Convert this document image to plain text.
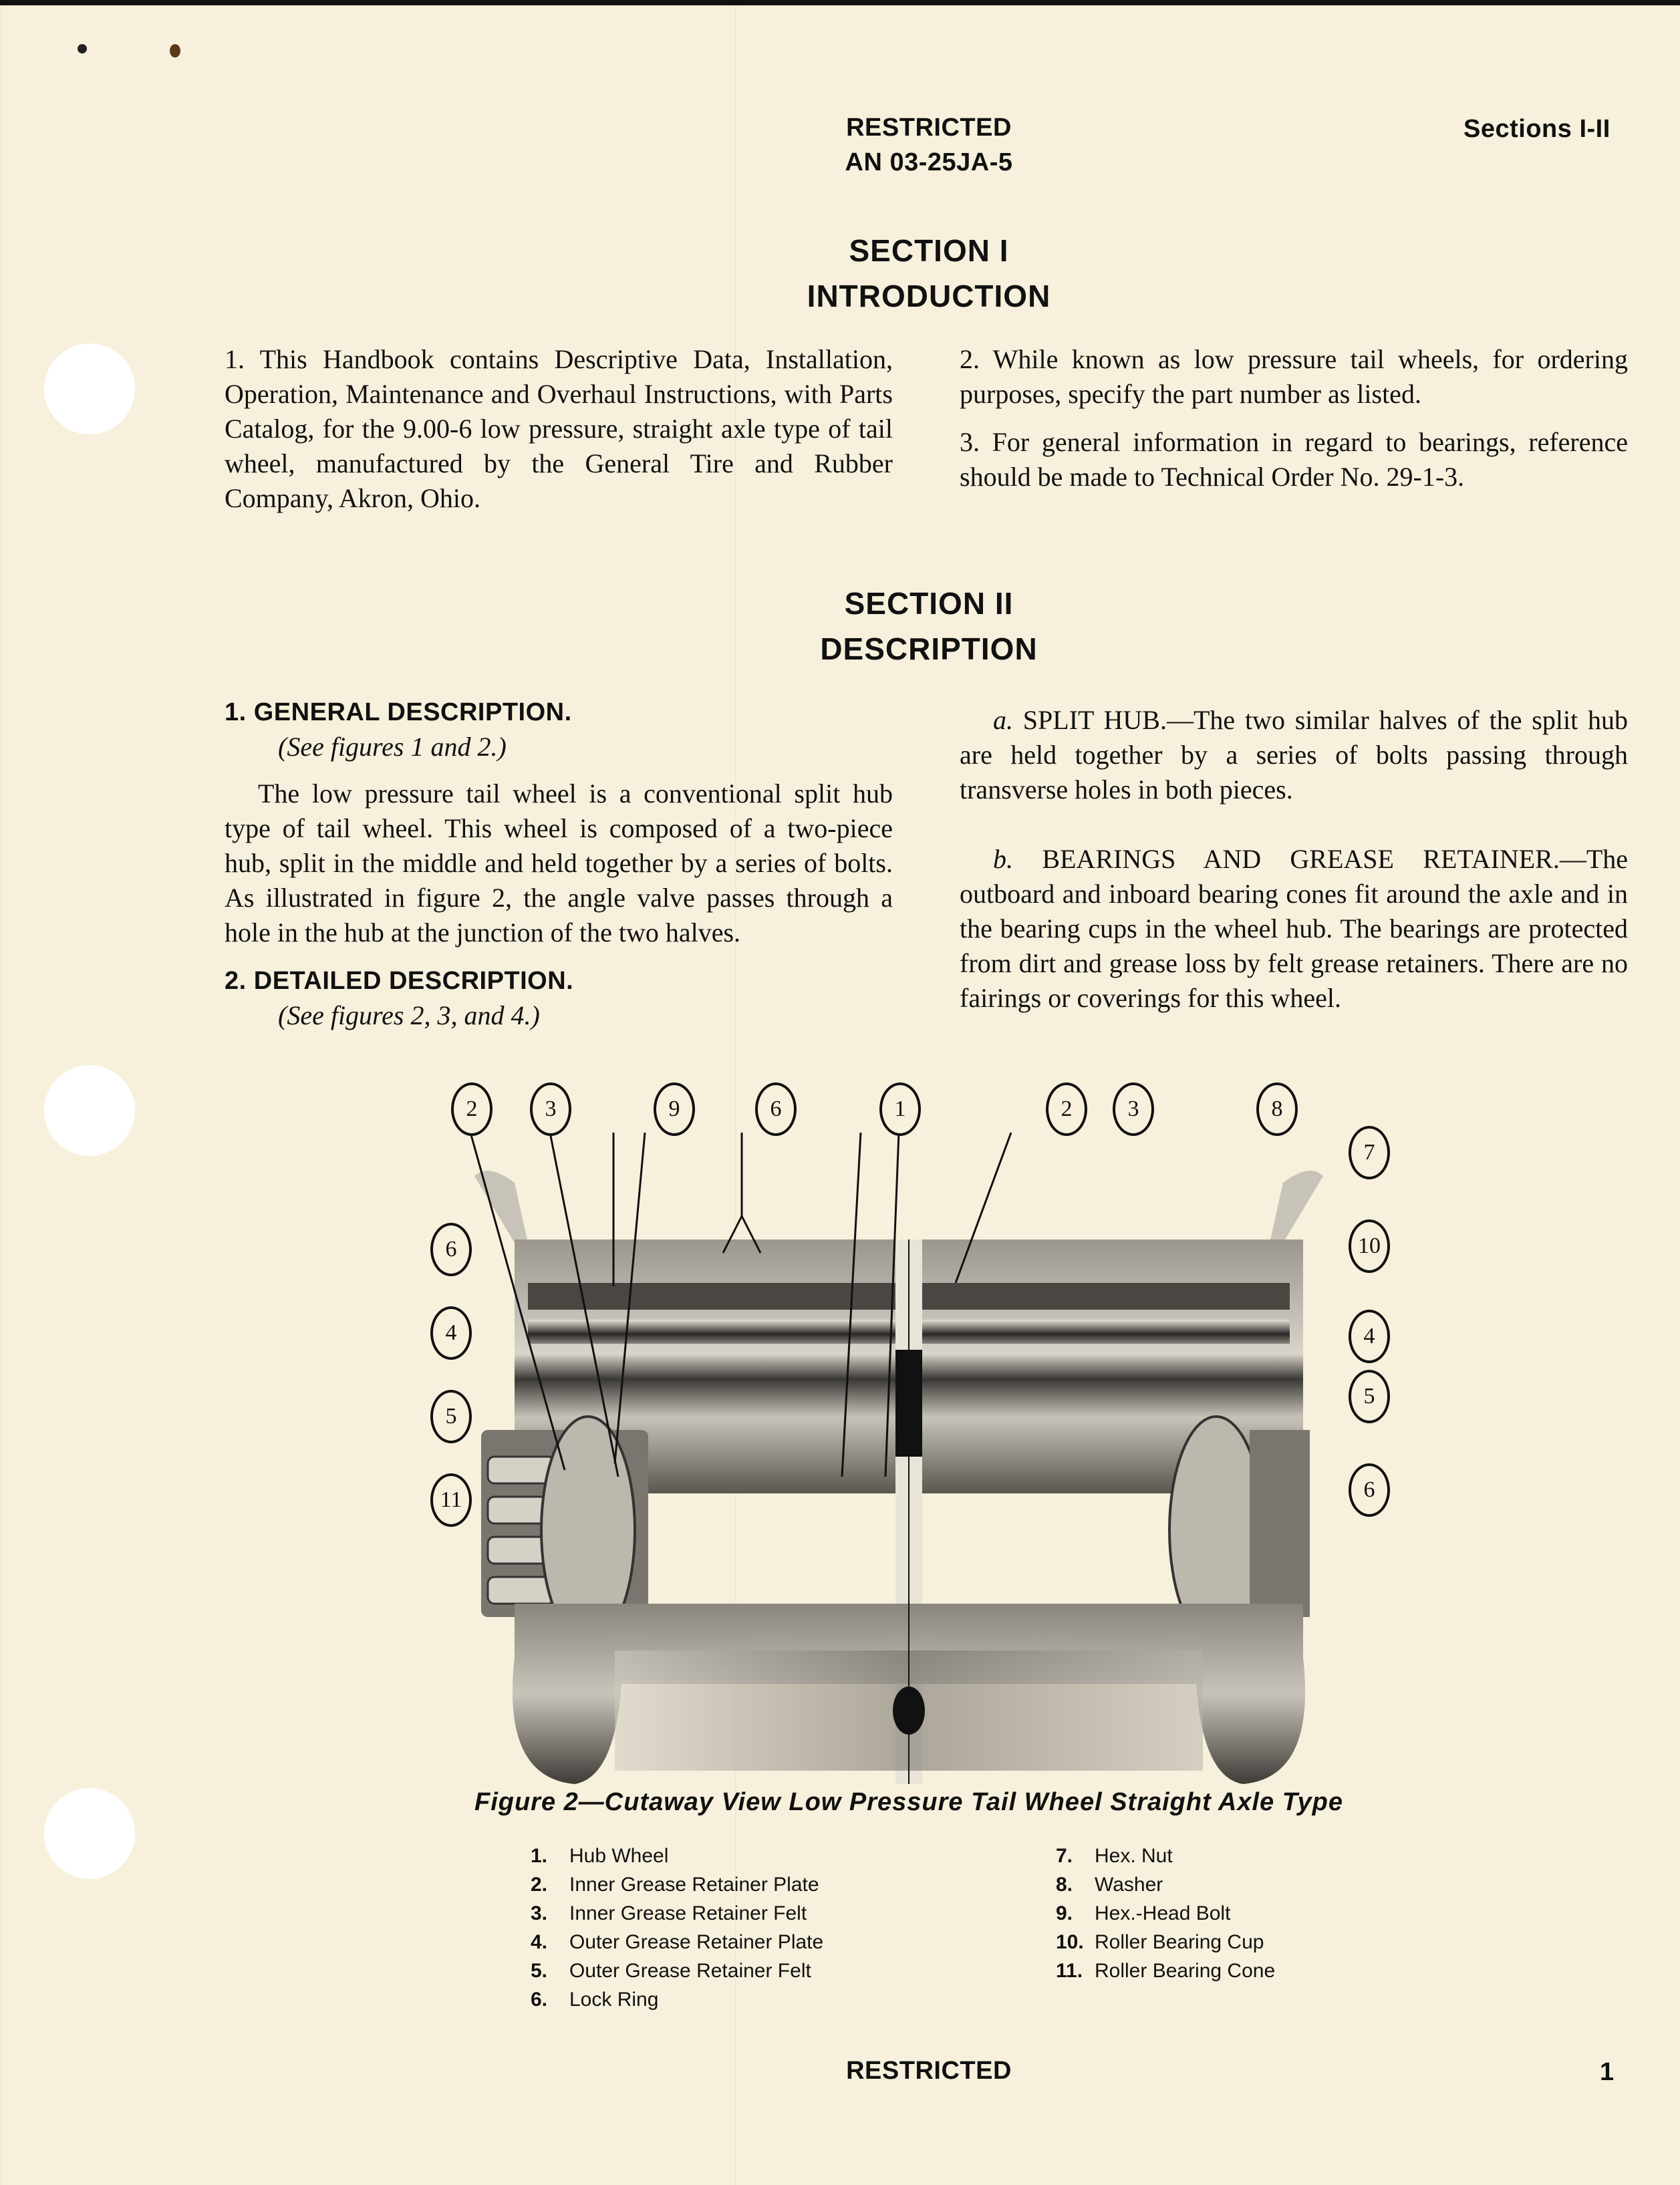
RESTRICTED
AN 03-25JA-5
Sections I-II
SECTION I
INTRODUCTION

1. This Handbook contains Descriptive Data, Installation, Operation, Maintenance and Overhaul Instructions, with Parts Catalog, for the 9.00-6 low pressure, straight axle type of tail wheel, manufactured by the General Tire and Rubber Company, Akron, Ohio.

2. While known as low pressure tail wheels, for ordering purposes, specify the part number as listed.

3. For general information in regard to bearings, reference should be made to Technical Order No. 29-1-3.

SECTION II
DESCRIPTION
1. GENERAL DESCRIPTION.
(See figures 1 and 2.)

The low pressure tail wheel is a conventional split hub type of tail wheel. This wheel is composed of a two-piece hub, split in the middle and held together by a series of bolts. As illustrated in figure 2, the angle valve passes through a hole in the hub at the junction of the two halves.

2. DETAILED DESCRIPTION.
(See figures 2, 3, and 4.)

a. SPLIT HUB.—The two similar halves of the split hub are held together by a series of bolts passing through transverse holes in both pieces.

b. BEARINGS AND GREASE RETAINER.—The outboard and inboard bearing cones fit around the axle and in the bearing cups in the wheel hub. The bearings are protected from dirt and grease loss by felt grease retainers. There are no fairings or coverings for this wheel.

2	3	9	6	1	2	3	8
6
4
5
11
7
10
4
5
6
Figure 2—Cutaway View Low Pressure Tail Wheel Straight Axle Type
1.	Hub Wheel
2.	Inner Grease Retainer Plate
3.	Inner Grease Retainer Felt
4.	Outer Grease Retainer Plate
5.	Outer Grease Retainer Felt
6.	Lock Ring
7.	Hex. Nut
8.	Washer
9.	Hex.-Head Bolt
10. Roller Bearing Cup
11. Roller Bearing Cone
RESTRICTED	1
